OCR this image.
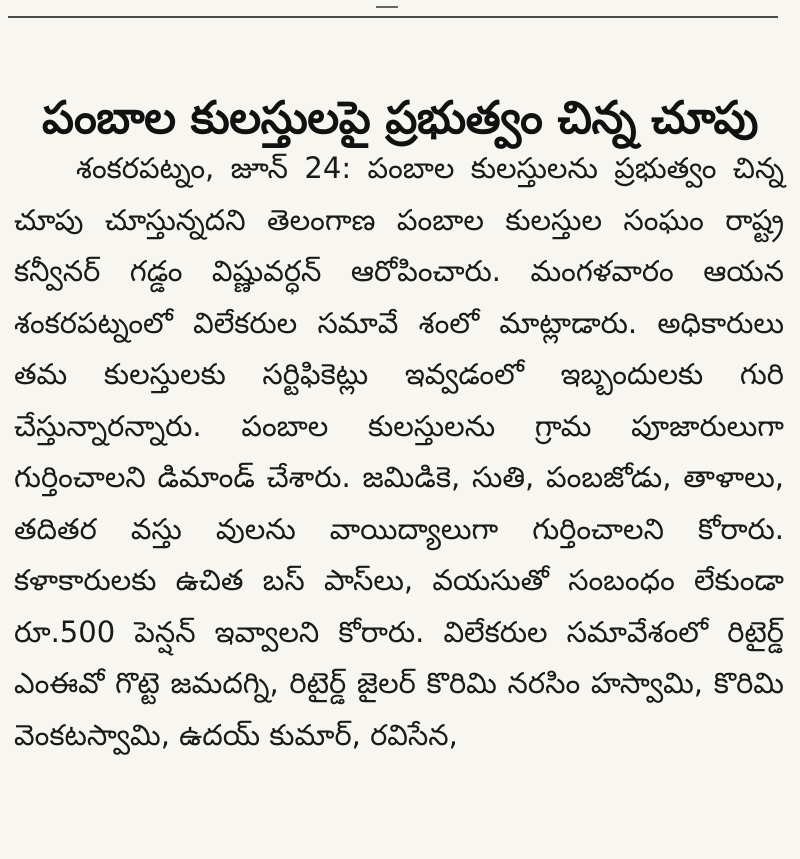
పంబాల కులస్తులపై ప్రభుత్వం చిన్న చూపు

శంకరపట్నం, జూన్ 24: పంబాల కులస్తులను ప్రభుత్వం చిన్న చూపు చూస్తున్నదని తెలంగాణ పంబాల కులస్తుల సంఘం రాష్ట్ర కన్వీనర్ గడ్డం విష్ణువర్ధన్ ఆరోపించారు. మంగళవారం ఆయన శంకరపట్నంలో విలేకరుల సమావే శంలో మాట్లాడారు. అధికారులు తమ కులస్తులకు సర్టిఫికెట్లు ఇవ్వడంలో ఇబ్బందులకు గురి చేస్తున్నారన్నారు. పంబాల కులస్తులను గ్రామ పూజారులుగా గుర్తించాలని డిమాండ్ చేశారు. జమిడికె, సుతి, పంబజోడు, తాళాలు, తదితర వస్తు వులను వాయిద్యాలుగా గుర్తించాలని కోరారు. కళాకారులకు ఉచిత బస్ పాస్‌లు, వయసుతో సంబంధం లేకుండా రూ.500 పెన్షన్ ఇవ్వాలని కోరారు. విలేకరుల సమావేశంలో రిటైర్డ్ ఎంఈవో గొట్టె జమదగ్ని, రిటైర్డ్ జైలర్ కొరిమి నరసిం హస్వామి, కొరిమి వెంకటస్వామి, ఉదయ్ కుమార్, రవిసేన,
